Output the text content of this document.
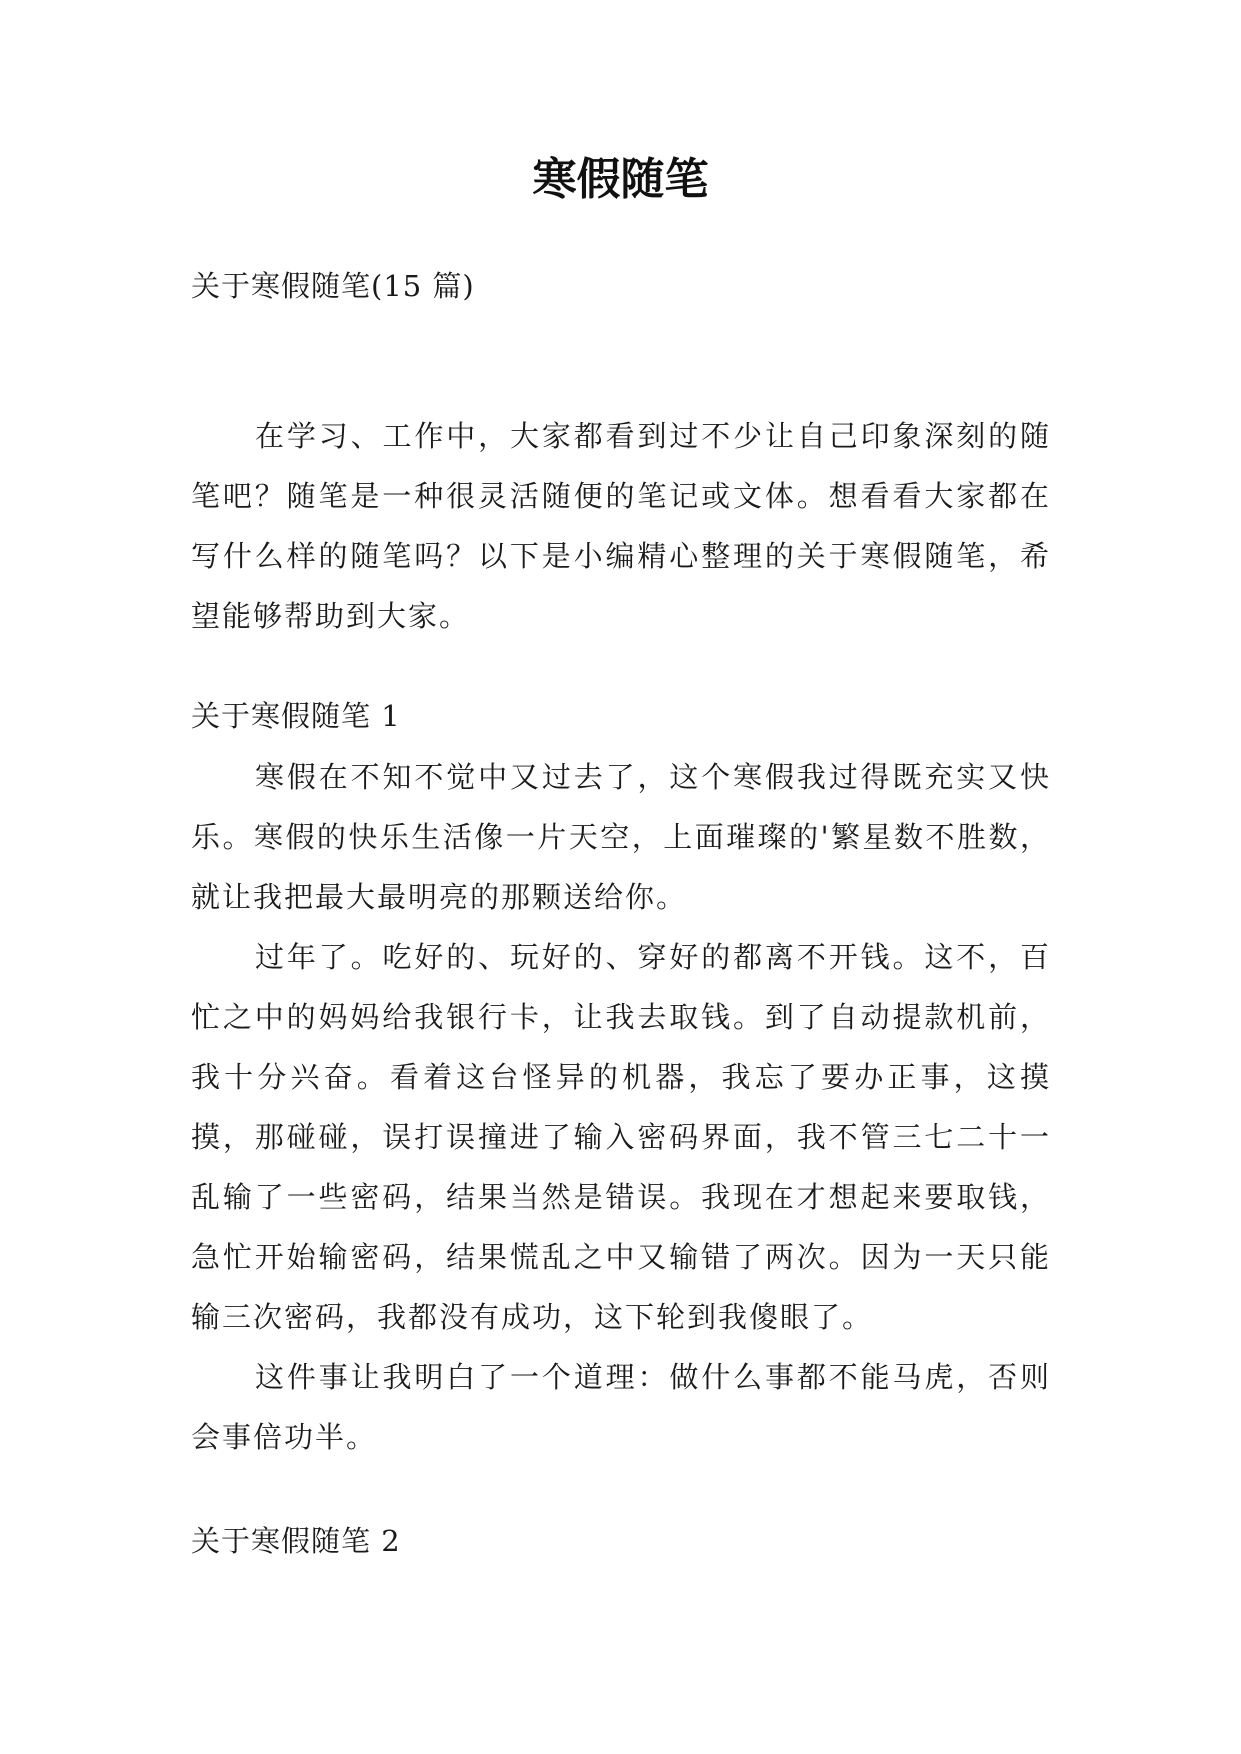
寒假随笔
关于寒假随笔(15 篇)

在学习、工作中，大家都看到过不少让自己印象深刻的随笔吧？随笔是一种很灵活随便的笔记或文体。想看看大家都在写什么样的随笔吗？以下是小编精心整理的关于寒假随笔，希望能够帮助到大家。

关于寒假随笔 1

寒假在不知不觉中又过去了，这个寒假我过得既充实又快乐。寒假的快乐生活像一片天空，上面璀璨的'繁星数不胜数，就让我把最大最明亮的那颗送给你。

过年了。吃好的、玩好的、穿好的都离不开钱。这不，百忙之中的妈妈给我银行卡，让我去取钱。到了自动提款机前，我十分兴奋。看着这台怪异的机器，我忘了要办正事，这摸摸，那碰碰，误打误撞进了输入密码界面，我不管三七二十一乱输了一些密码，结果当然是错误。我现在才想起来要取钱，急忙开始输密码，结果慌乱之中又输错了两次。因为一天只能输三次密码，我都没有成功，这下轮到我傻眼了。

这件事让我明白了一个道理：做什么事都不能马虎，否则会事倍功半。

关于寒假随笔 2
